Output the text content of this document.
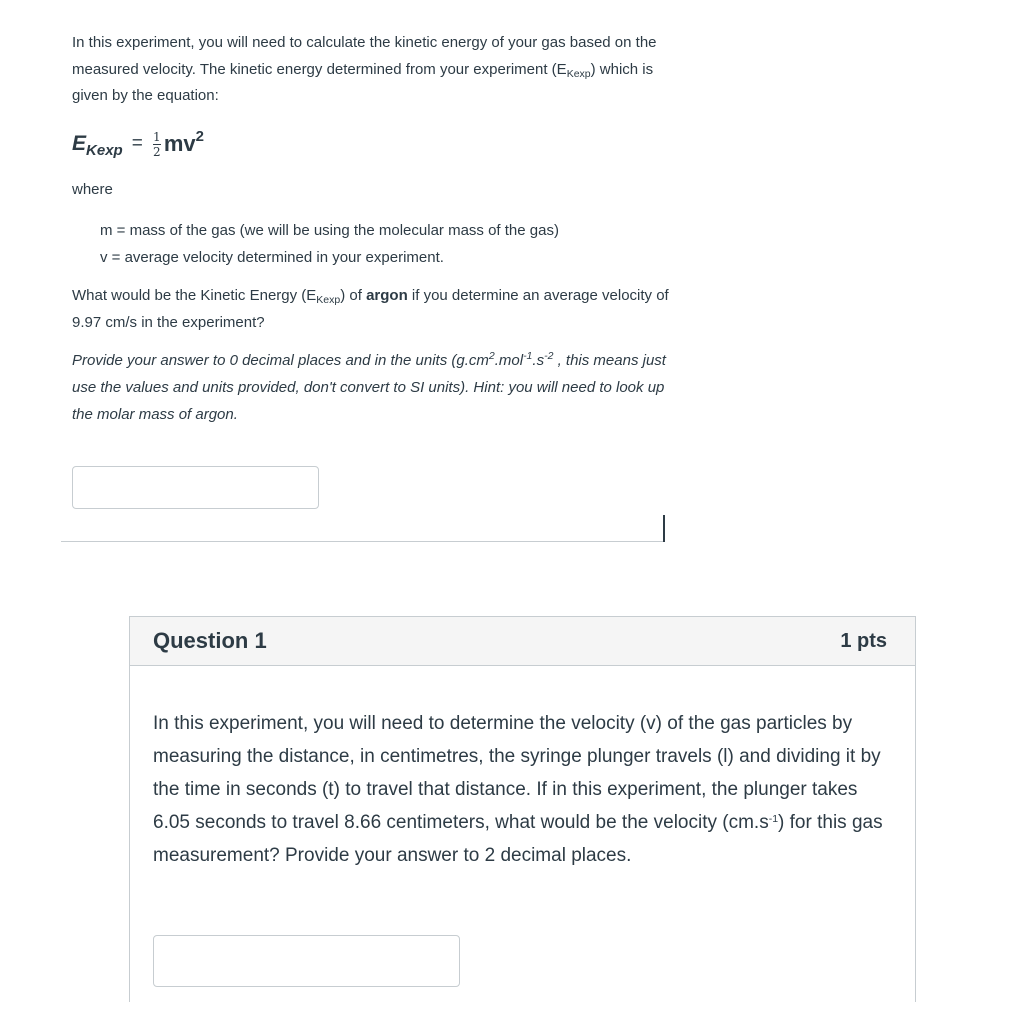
In this experiment, you will need to calculate the kinetic energy of your gas based on the measured velocity. The kinetic energy determined from your experiment $(E_{Kexp})$ which is given by the equation:

$E_{Kexp} = \frac{1}{2} mv^2$
where

m = mass of the gas (we will be using the molecular mass of the gas)

v = average velocity determined in your experiment.

What would be the Kinetic Energy $(E_{Kexp})$ of argon if you determine an average velocity of 9.97 cm/s in the experiment?

Provide your answer to 0 decimal places and in the units ($g.cm^2.mol^{-1}.s^{-2}$ , this means just use the values and units provided, don't convert to SI units). Hint: you will need to look up the molar mass of argon.

Question 1	1 pts

In this experiment, you will need to determine the velocity (v) of the gas particles by measuring the distance, in centimetres, the syringe plunger travels (l) and dividing it by the time in seconds (t) to travel that distance. If in this experiment, the plunger takes 6.05 seconds to travel 8.66 centimeters, what would be the velocity $(cm.s^{-1})$ for this gas measurement? Provide your answer to 2 decimal places.
